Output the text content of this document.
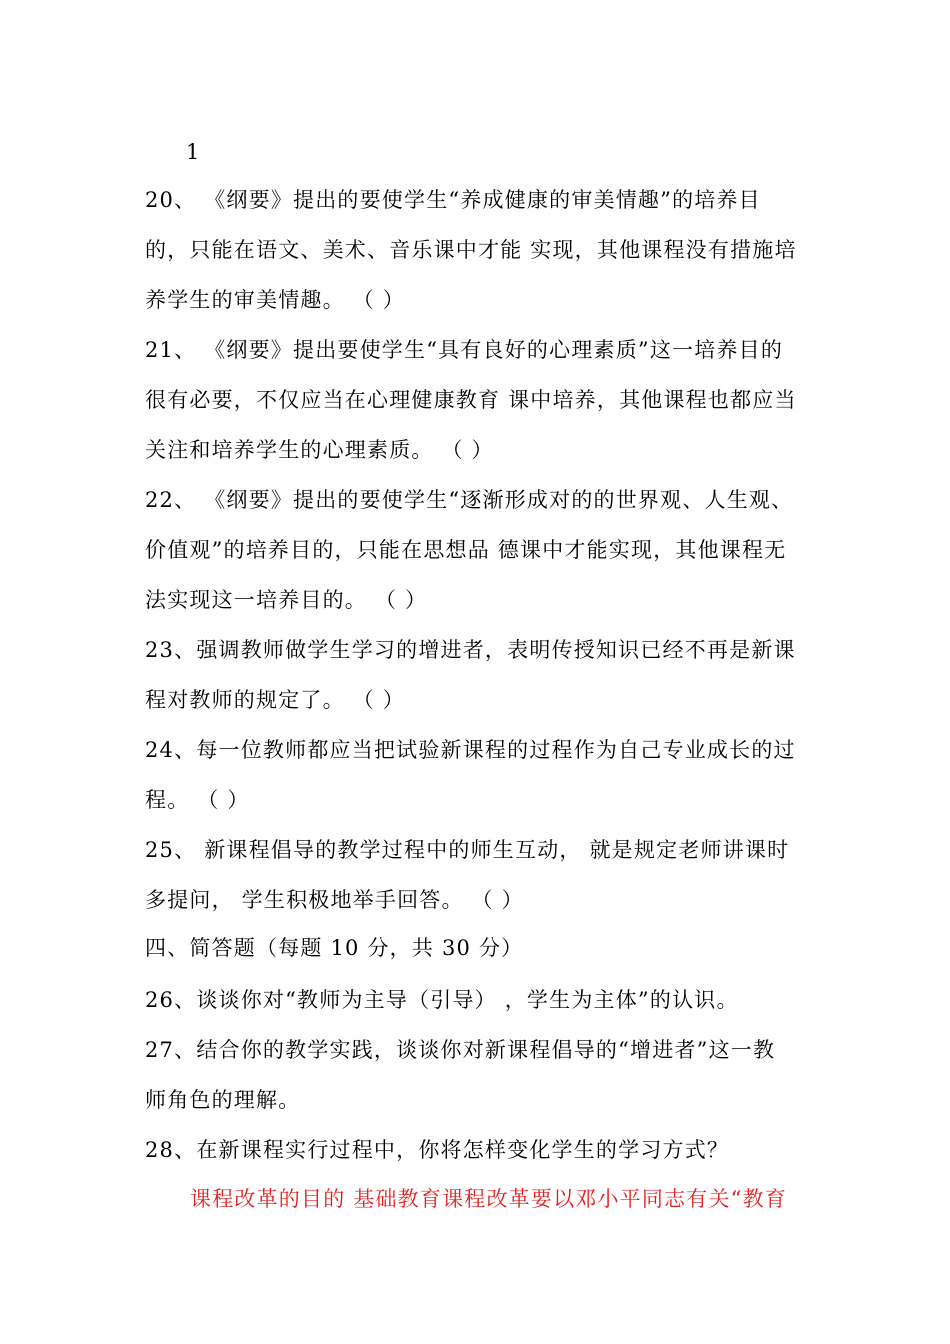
1
20、 《纲要》提出的要使学生“养成健康的审美情趣”的培养目
的，只能在语文、美术、音乐课中才能 实现，其他课程没有措施培
养学生的审美情趣。 （ ）
21、 《纲要》提出要使学生“具有良好的心理素质”这一培养目的
很有必要，不仅应当在心理健康教育 课中培养，其他课程也都应当
关注和培养学生的心理素质。 （ ）
22、 《纲要》提出的要使学生“逐渐形成对的的世界观、人生观、
价值观”的培养目的，只能在思想品 德课中才能实现，其他课程无
法实现这一培养目的。 （ ）
23、强调教师做学生学习的增进者，表明传授知识已经不再是新课
程对教师的规定了。 （ ）
24、每一位教师都应当把试验新课程的过程作为自己专业成长的过
程。 （ ）
25、 新课程倡导的教学过程中的师生互动， 就是规定老师讲课时
多提问， 学生积极地举手回答。 （ ）
四、简答题（每题 10 分，共 30 分）
26、谈谈你对“教师为主导（引导） ，学生为主体”的认识。
27、结合你的教学实践，谈谈你对新课程倡导的“增进者”这一教
师角色的理解。
28、在新课程实行过程中，你将怎样变化学生的学习方式？
课程改革的目的 基础教育课程改革要以邓小平同志有关“教育
